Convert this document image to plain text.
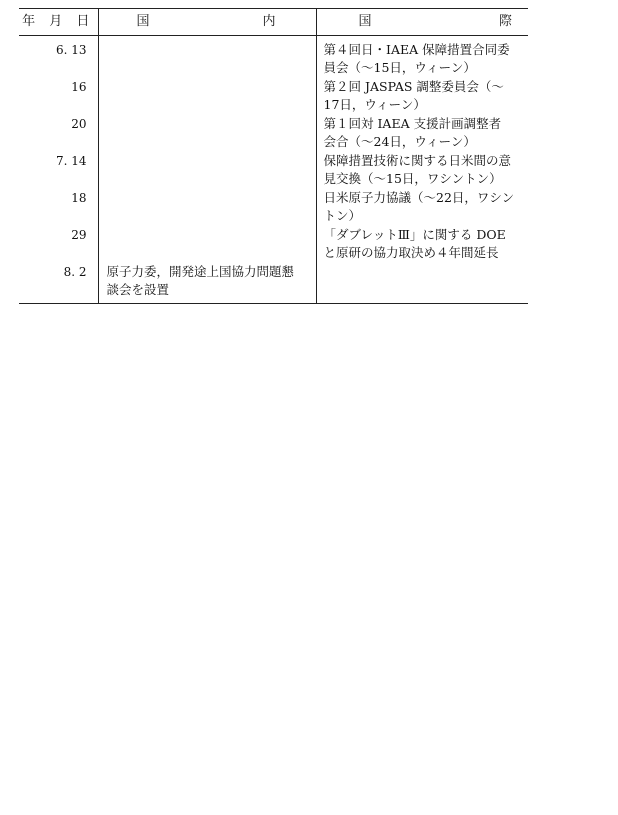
年 月 日	国 内	国 際

6. 13		第４回日・IAEA 保障措置合同委
員会（～15日，ウィーン）

16		第２回 JASPAS 調整委員会（～
17日，ウィーン）

20		第１回対 IAEA 支援計画調整者
会合（～24日，ウィーン）

7. 14		保障措置技術に関する日米間の意
見交換（～15日，ワシントン）

18		日米原子力協議（～22日，ワシン
トン）

29		「ダブレットⅢ」に関する DOE
と原研の協力取決め４年間延長

8. 2	原子力委，開発途上国協力問題懇
談会を設置	
